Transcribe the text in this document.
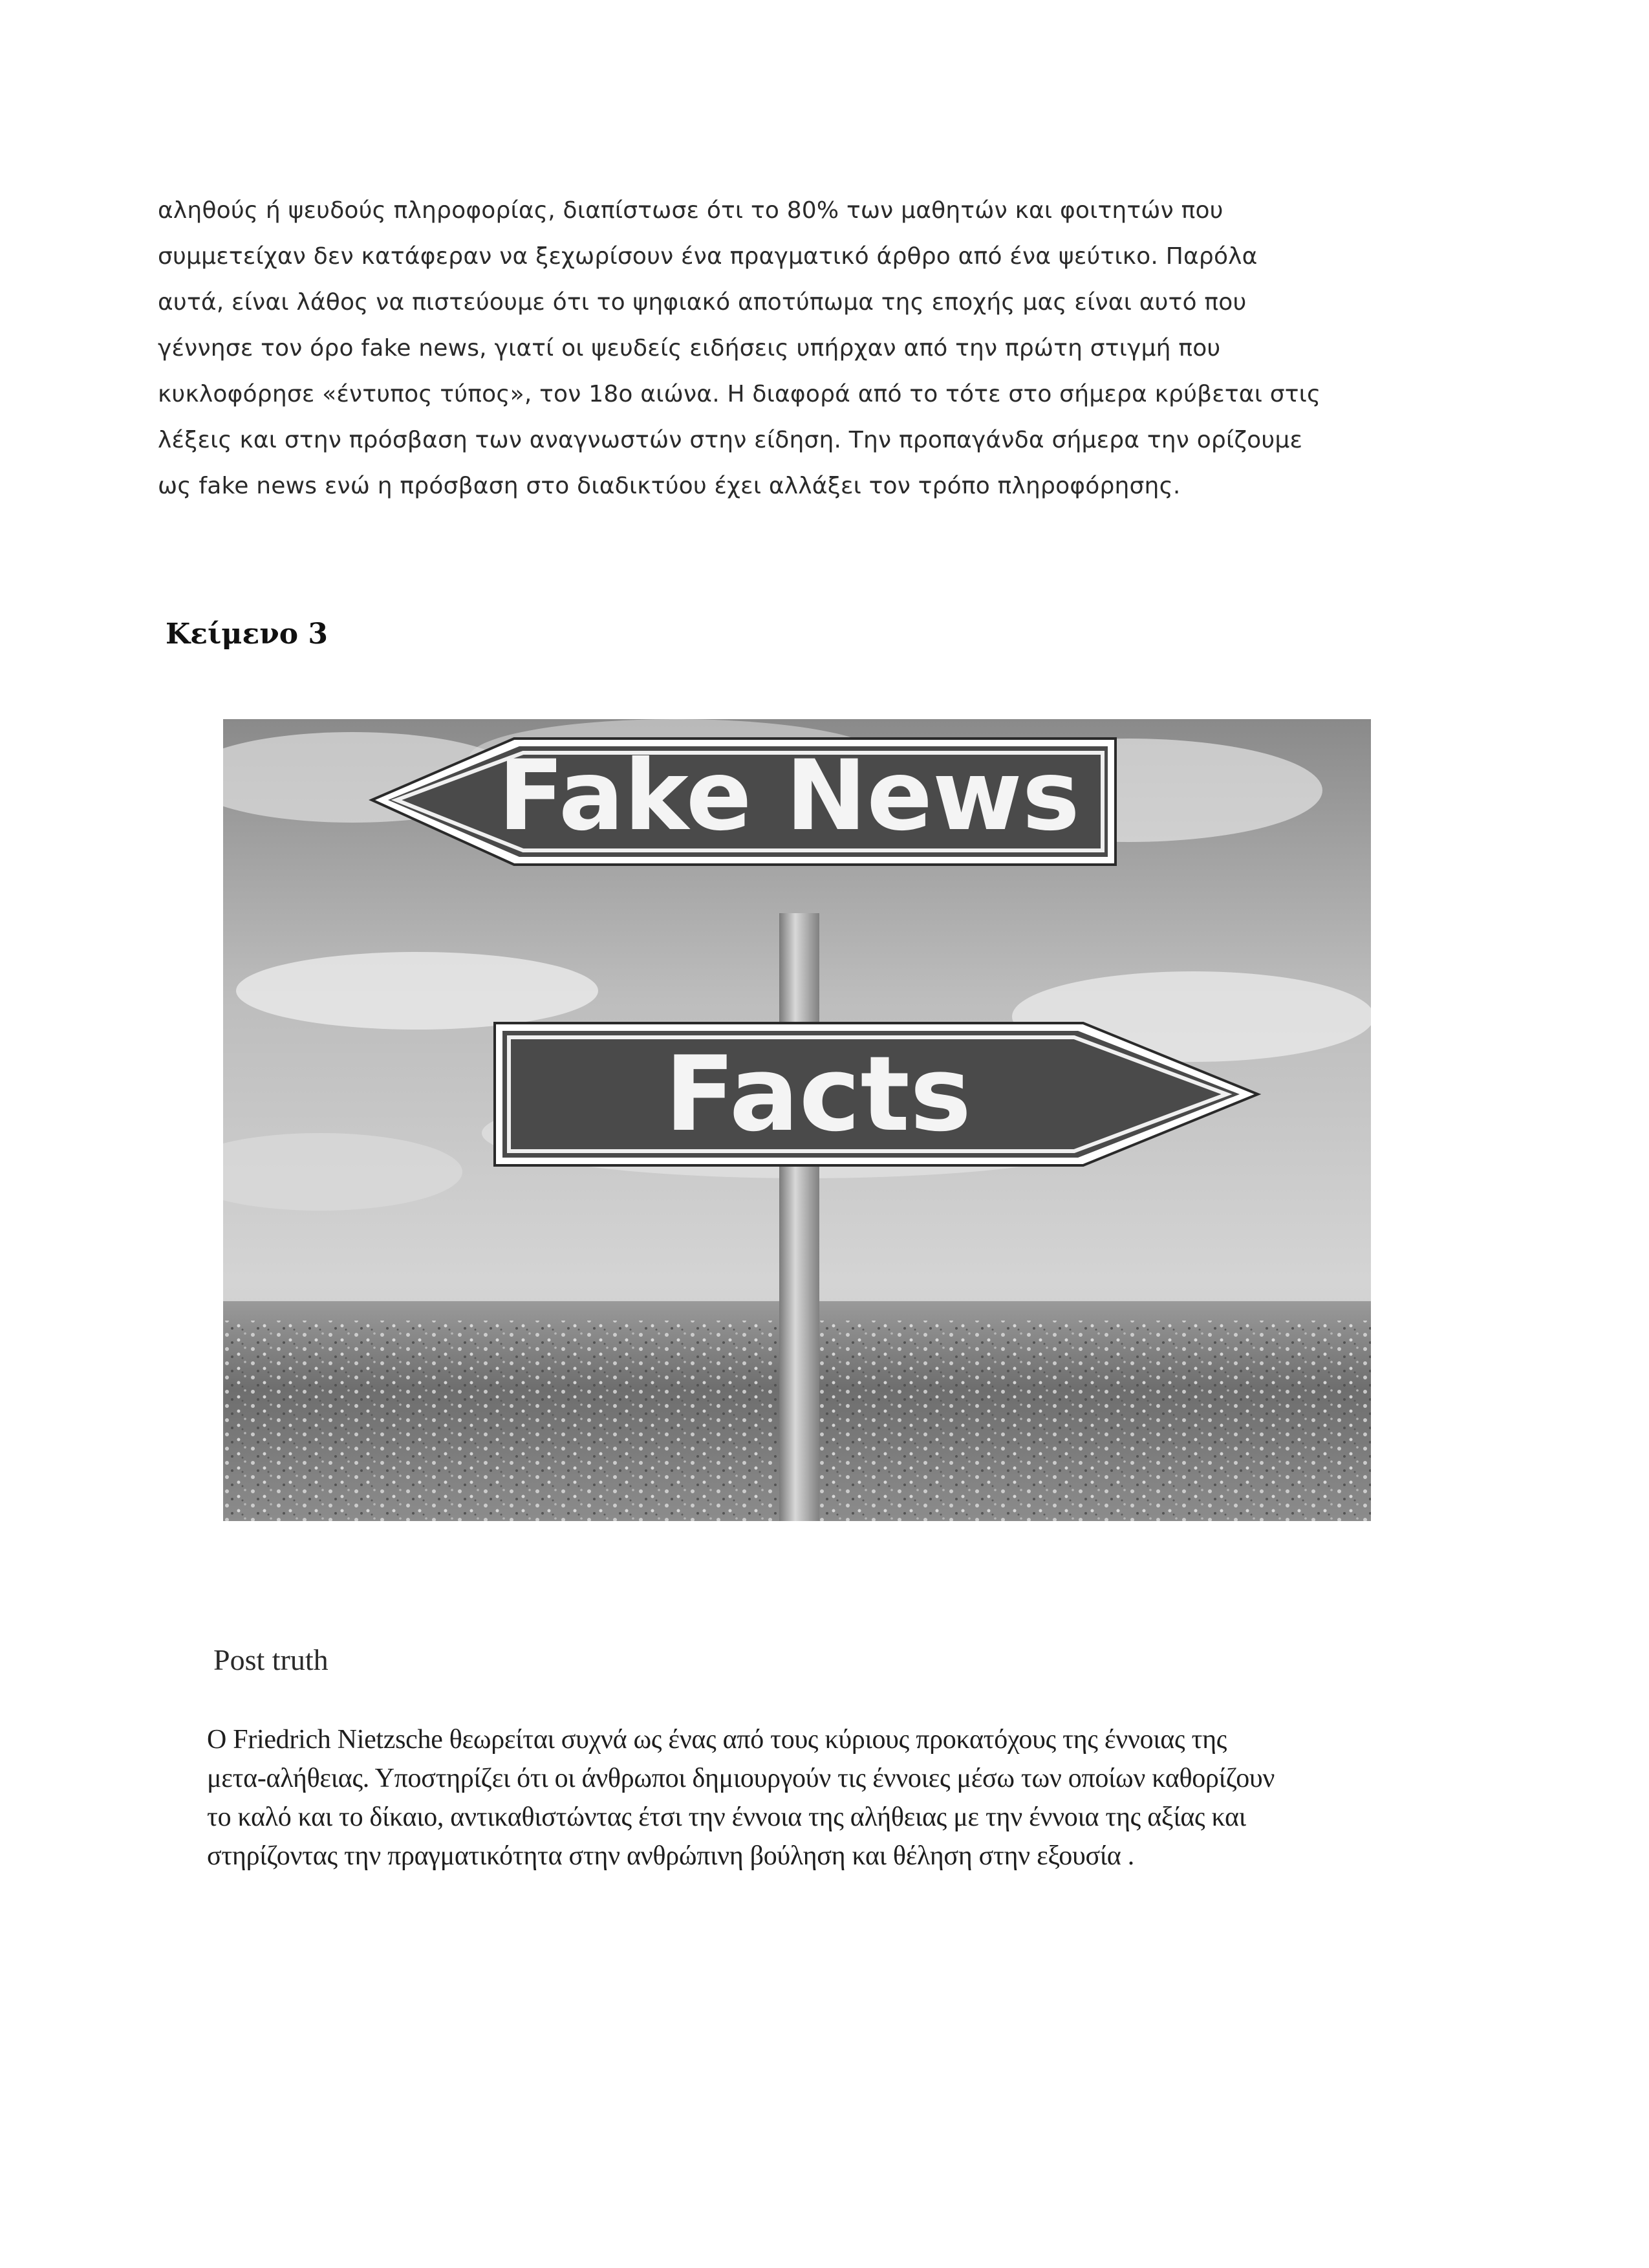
αληθούς ή ψευδούς πληροφορίας, διαπίστωσε ότι το 80% των μαθητών και φοιτητών που
συμμετείχαν δεν κατάφεραν να ξεχωρίσουν ένα πραγματικό άρθρο από ένα ψεύτικο. Παρόλα
αυτά, είναι λάθος να πιστεύουμε ότι το ψηφιακό αποτύπωμα της εποχής μας είναι αυτό που
γέννησε τον όρο fake news, γιατί οι ψευδείς ειδήσεις υπήρχαν από την πρώτη στιγμή που
κυκλοφόρησε «έντυπος τύπος», τον 18ο αιώνα. Η διαφορά από το τότε στο σήμερα κρύβεται στις
λέξεις και στην πρόσβαση των αναγνωστών στην είδηση. Την προπαγάνδα σήμερα την ορίζουμε
ως fake news ενώ η πρόσβαση στο διαδικτύου έχει αλλάξει τον τρόπο πληροφόρησης.
Κείμενο 3
Fake News
Facts
Post truth
Ο Friedrich Nietzsche θεωρείται συχνά ως ένας από τους κύριους προκατόχους της έννοιας της
μετα-αλήθειας. Υποστηρίζει ότι οι άνθρωποι δημιουργούν τις έννοιες μέσω των οποίων καθορίζουν
το καλό και το δίκαιο, αντικαθιστώντας έτσι την έννοια της αλήθειας με την έννοια της αξίας και
στηρίζοντας την πραγματικότητα στην ανθρώπινη βούληση και θέληση στην εξουσία .
